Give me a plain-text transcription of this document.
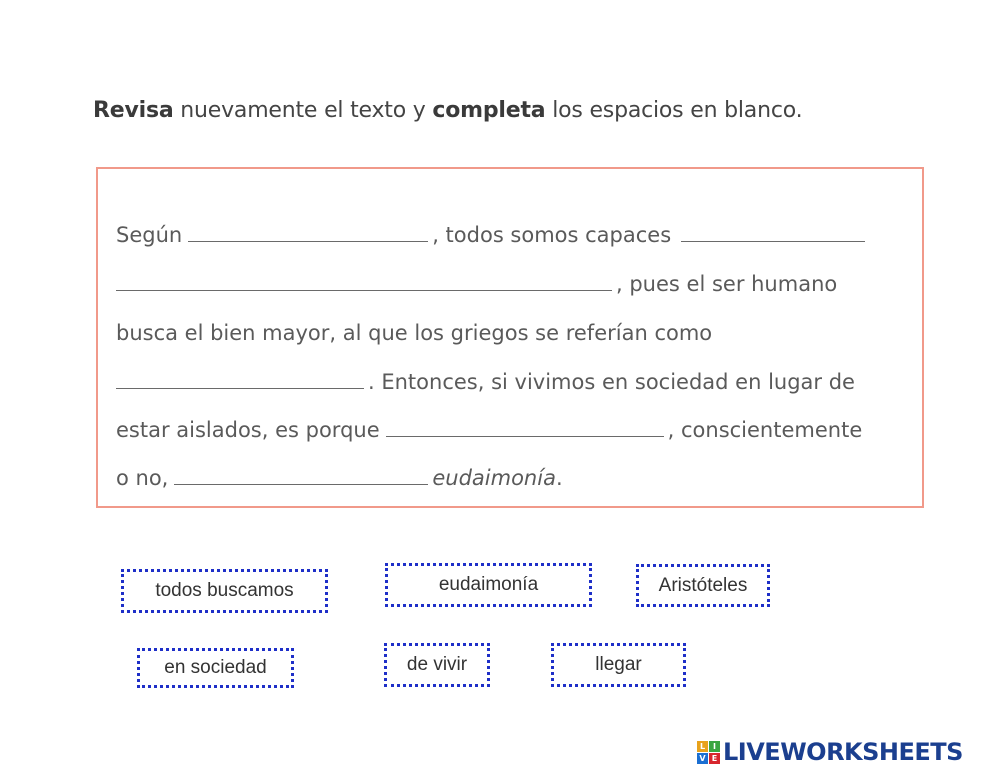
Revisa nuevamente el texto y completa los espacios en blanco.
Según	, todos somos capaces
, pues el ser humano
busca el bien mayor, al que los griegos se referían como
. Entonces, si vivimos en sociedad en lugar de
estar aislados, es porque	, conscientemente
o no,	eudaimonía.
todos buscamos	eudaimonía	Aristóteles
en sociedad	de vivir	llegar
L I
V E LIVEWORKSHEETS
